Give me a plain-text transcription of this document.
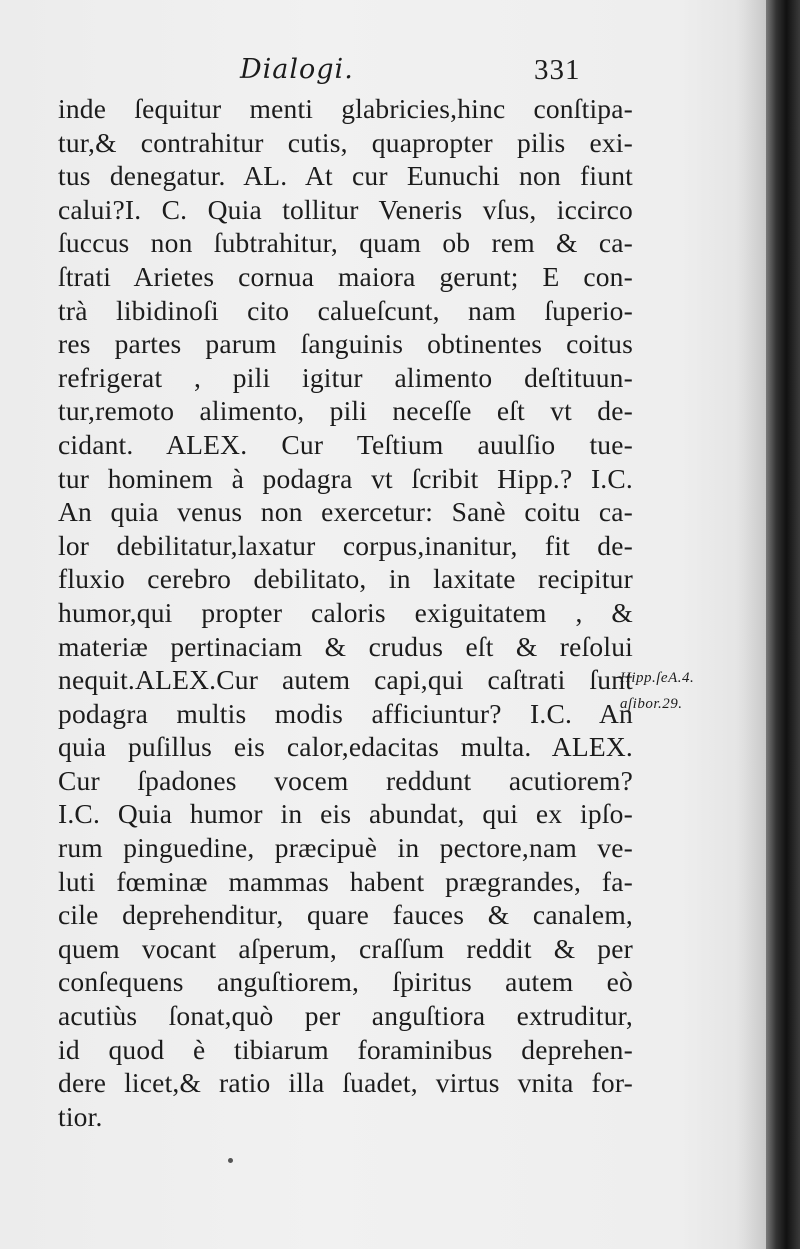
Dialogi.	331
inde ſequitur menti glabricies,hinc conſtipa-
tur,& contrahitur cutis, quapropter pilis exi-
tus denegatur. AL. At cur Eunuchi non fiunt
calui?I. C. Quia tollitur Veneris vſus, iccirco
ſuccus non ſubtrahitur, quam ob rem & ca-
ſtrati Arietes cornua maiora gerunt; E con-
trà libidinoſi cito calueſcunt, nam ſuperio-
res partes parum ſanguinis obtinentes coitus
refrigerat , pili igitur alimento deſtituun-
tur,remoto alimento, pili neceſſe eſt vt de-
cidant. ALEX. Cur Teſtium auulſio tue-
tur hominem à podagra vt ſcribit Hipp.? I.C.
An quia venus non exercetur: Sanè coitu ca-
lor debilitatur,laxatur corpus,inanitur, fit de-
fluxio cerebro debilitato, in laxitate recipitur
humor,qui propter caloris exiguitatem , &
materiæ pertinaciam & crudus eſt & reſolui
nequit.ALEX.Cur autem capi,qui caſtrati ſunt
podagra multis modis afficiuntur? I.C. An
quia puſillus eis calor,edacitas multa. ALEX.
Cur ſpadones vocem reddunt acutiorem?
I.C. Quia humor in eis abundat, qui ex ipſo-
rum pinguedine, præcipuè in pectore,nam ve-
luti fœminæ mammas habent prægrandes, fa-
cile deprehenditur, quare fauces & canalem,
quem vocant aſperum, craſſum reddit & per
conſequens anguſtiorem, ſpiritus autem eò
acutiùs ſonat,quò per anguſtiora extruditur,
id quod è tibiarum foraminibus deprehen-
dere licet,& ratio illa ſuadet, virtus vnita for-
tior.
Hipp.ſeA.4.
aſibor.29.
